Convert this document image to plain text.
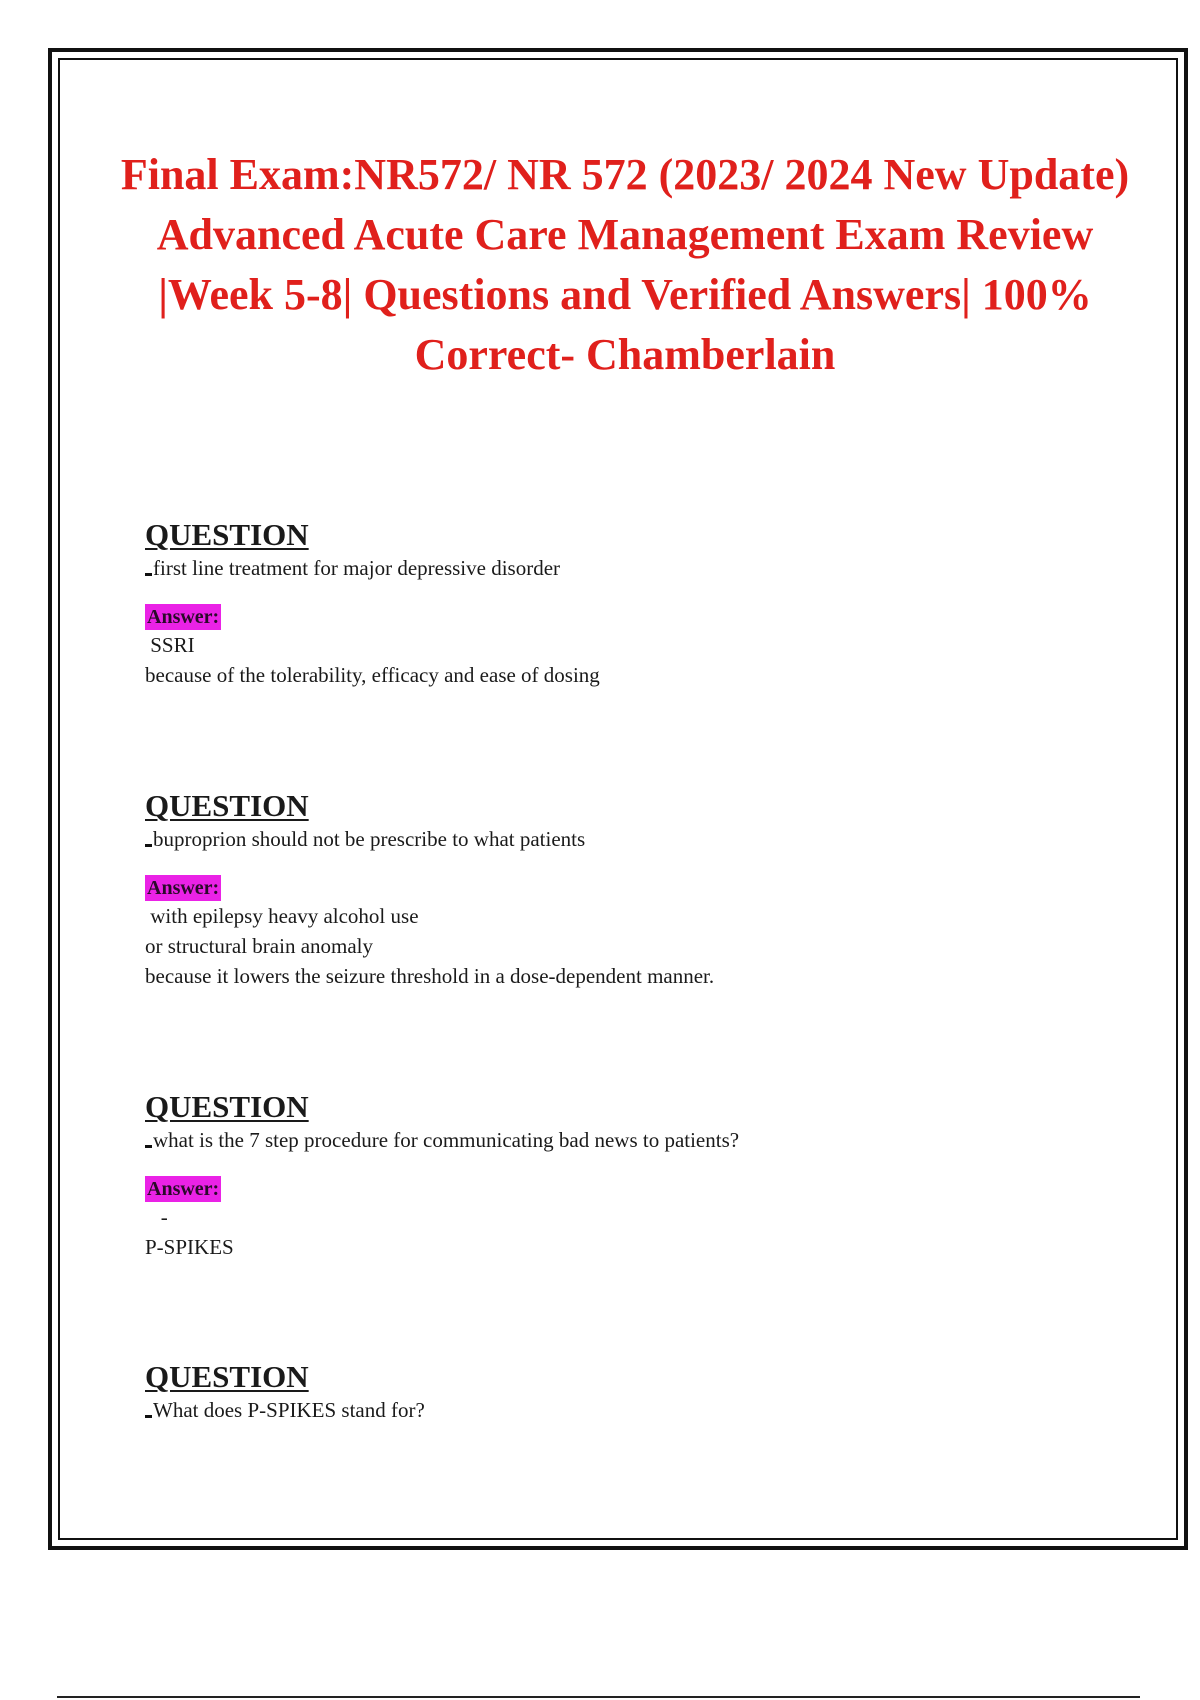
Final Exam:NR572/ NR 572 (2023/ 2024 New Update) Advanced Acute Care Management Exam Review |Week 5-8| Questions and Verified Answers| 100% Correct- Chamberlain
QUESTION
first line treatment for major depressive disorder
Answer:
SSRI
because of the tolerability, efficacy and ease of dosing
QUESTION
buproprion should not be prescribe to what patients
Answer:
with epilepsy heavy alcohol use
or structural brain anomaly
because it lowers the seizure threshold in a dose-dependent manner.
QUESTION
what is the 7 step procedure for communicating bad news to patients?
Answer:
-
P-SPIKES
QUESTION
What does P-SPIKES stand for?
